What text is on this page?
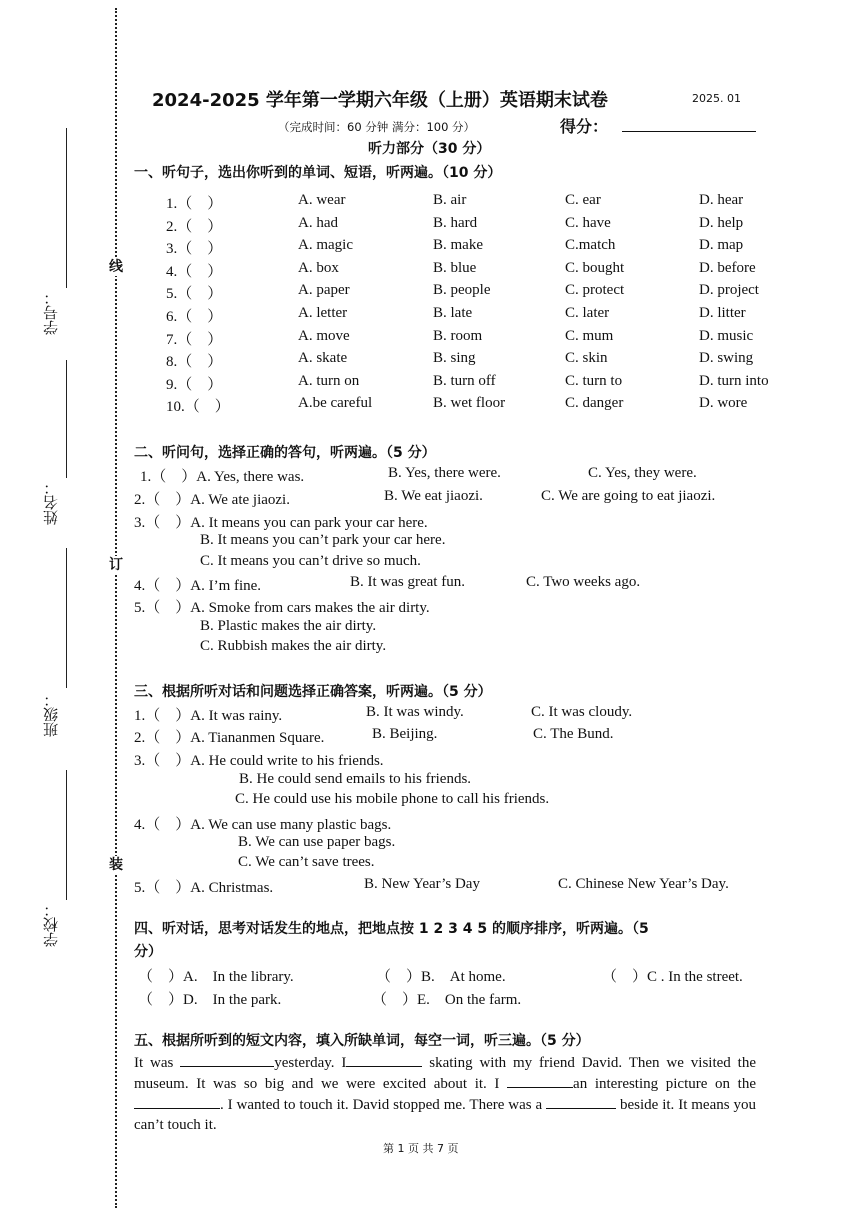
线
订
装
学号：
姓名：
班级：
学校：
2024-2025 学年第一学期六年级（上册）英语期末试卷	2025. 01
（完成时间：60 分钟 满分：100 分）	得分：
听力部分（30 分）
一、听句子，选出你听到的单词、短语，听两遍。（10 分）
1.（　）	A. wear	B. air	C. ear	D. hear
2.（　）	A. had	B. hard	C. have	D. help
3.（　）	A. magic	B. make	C.match	D. map
4.（　）	A. box	B. blue	C. bought	D. before
5.（　）	A. paper	B. people	C. protect	D. project
6.（　）	A. letter	B. late	C. later	D. litter
7.（　）	A. move	B. room	C. mum	D. music
8.（　）	A. skate	B. sing	C. skin	D. swing
9.（　）	A. turn on	B. turn off	C. turn to	D. turn into
10.（　）	A.be careful	B. wet floor	C. danger	D. wore
二、听问句，选择正确的答句，听两遍。（5 分）
1.（　）A. Yes, there was.	B. Yes, there were.	C. Yes, they were.
2.（　）A. We ate jiaozi.	B. We eat jiaozi.	C. We are going to eat jiaozi.
3.（　）A. It means you can park your car here.
B. It means you can’t park your car here.
C. It means you can’t drive so much.
4.（　）A. I’m fine.	B. It was great fun.	C. Two weeks ago.
5.（　）A. Smoke from cars makes the air dirty.
B. Plastic makes the air dirty.
C. Rubbish makes the air dirty.
三、根据所听对话和问题选择正确答案，听两遍。（5 分）
1.（　）A. It was rainy.	B. It was windy.	C. It was cloudy.
2.（　）A. Tiananmen Square.	B. Beijing.	C. The Bund.
3.（　）A. He could write to his friends.
B. He could send emails to his friends.
C. He could use his mobile phone to call his friends.
4.（　）A. We can use many plastic bags.
B. We can use paper bags.
C. We can’t save trees.
5.（　）A. Christmas.	B. New Year’s Day	C. Chinese New Year’s Day.
四、听对话，思考对话发生的地点，把地点按 1 2 3 4 5 的顺序排序，听两遍。（5
分）
（　）A.　In the library.	（　）B.　At home.	（　）C . In the street.
（　）D.　In the park.	（　）E.　On the farm.
五、根据所听到的短文内容，填入所缺单词，每空一词，听三遍。（5 分）
It was	yesterday. I	skating with my friend David. Then we visited the museum. It was so big and we were excited about it. I	an interesting picture on the . I wanted to touch it. David stopped me. There was a	beside it. It means you can’t touch it.
第 1 页 共 7 页
